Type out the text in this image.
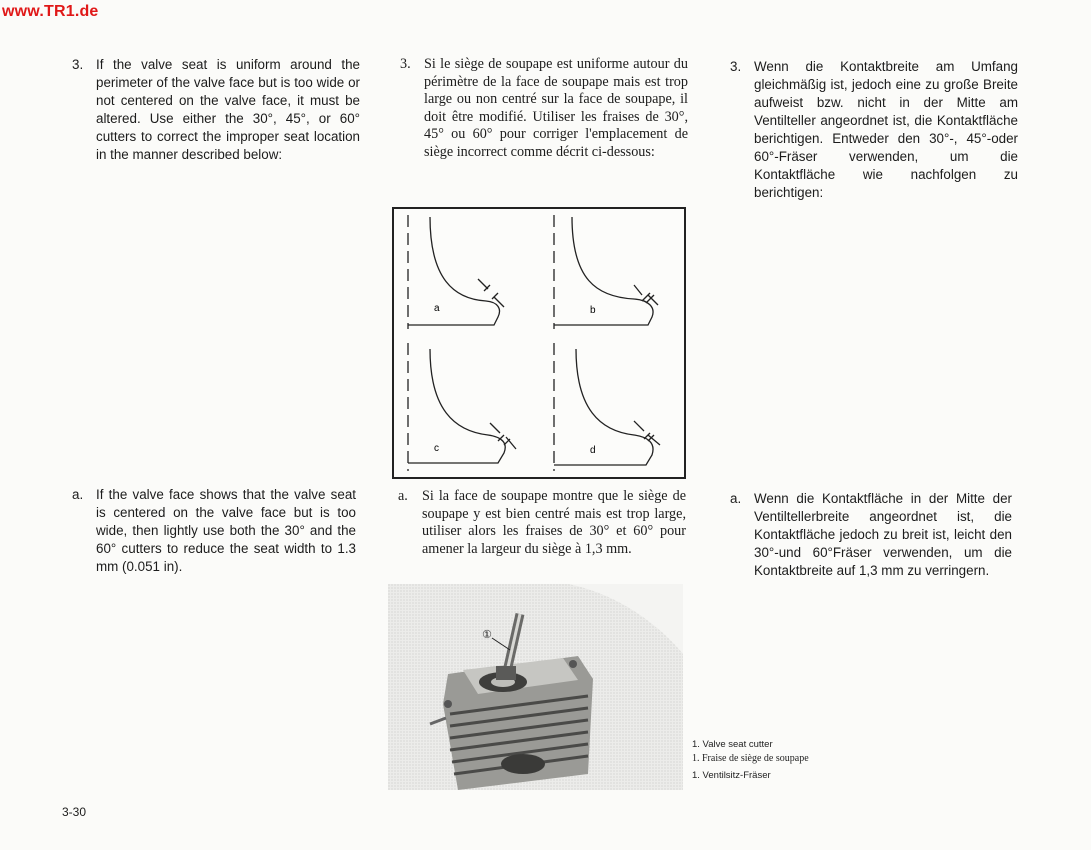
www.TR1.de
3. If the valve seat is uniform around the perimeter of the valve face but is too wide or not centered on the valve face, it must be altered. Use either the 30°, 45°, or 60° cutters to correct the improper seat location in the manner described below:
3. Si le siège de soupape est uniforme autour du périmètre de la face de soupape mais est trop large ou non centré sur la face de soupape, il doit être modifié. Utiliser les fraises de 30°, 45° ou 60° pour corriger l'emplacement de siège incorrect comme décrit ci-dessous:
3. Wenn die Kontaktbreite am Umfang gleichmäßig ist, jedoch eine zu große Breite aufweist bzw. nicht in der Mitte am Ventilteller angeordnet ist, die Kontaktfläche berichtigen. Entweder den 30°-, 45°-oder 60°-Fräser verwenden, um die Kontaktfläche wie nachfolgen zu berichtigen:
a	b
c	d
a. If the valve face shows that the valve seat is centered on the valve face but is too wide, then lightly use both the 30° and the 60° cutters to reduce the seat width to 1.3 mm (0.051 in).
a. Si la face de soupape montre que le siège de soupape y est bien centré mais est trop large, utiliser alors les fraises de 30° et 60° pour amener la largeur du siège à 1,3 mm.
a. Wenn die Kontaktfläche in der Mitte der Ventiltellerbreite angeordnet ist, die Kontaktfläche jedoch zu breit ist, leicht den 30°-und 60°Fräser verwenden, um die Kontaktbreite auf 1,3 mm zu verringern.
①
1. Valve seat cutter
1. Fraise de siège de soupape
1. Ventilsitz-Fräser
3-30
